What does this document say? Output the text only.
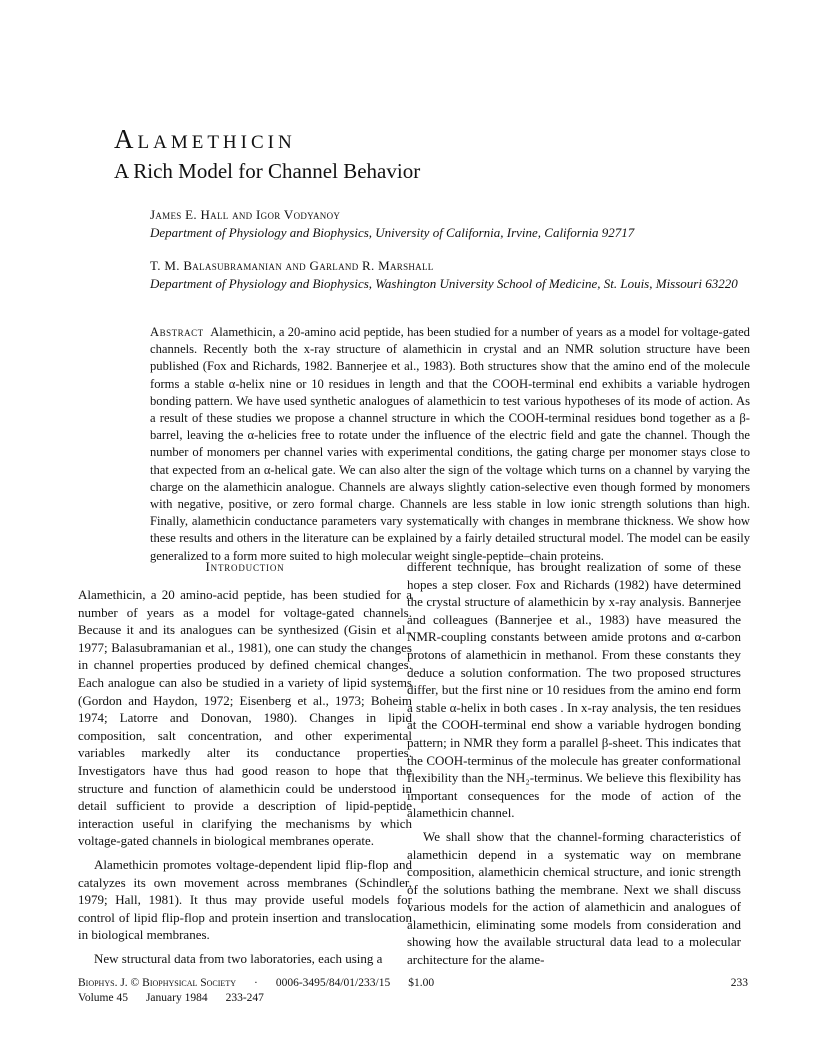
Alamethicin
A Rich Model for Channel Behavior
James E. Hall and Igor Vodyanoy
Department of Physiology and Biophysics, University of California, Irvine, California 92717
T. M. Balasubramanian and Garland R. Marshall
Department of Physiology and Biophysics, Washington University School of Medicine, St. Louis, Missouri 63220

Abstract Alamethicin, a 20-amino acid peptide, has been studied for a number of years as a model for voltage-gated channels. Recently both the x-ray structure of alamethicin in crystal and an NMR solution structure have been published (Fox and Richards, 1982. Bannerjee et al., 1983). Both structures show that the amino end of the molecule forms a stable α-helix nine or 10 residues in length and that the COOH-terminal end exhibits a variable hydrogen bonding pattern. We have used synthetic analogues of alamethicin to test various hypotheses of its mode of action. As a result of these studies we propose a channel structure in which the COOH-terminal residues bond together as a β-barrel, leaving the α-helicies free to rotate under the influence of the electric field and gate the channel. Though the number of monomers per channel varies with experimental conditions, the gating charge per monomer stays close to that expected from an α-helical gate. We can also alter the sign of the voltage which turns on a channel by varying the charge on the alamethicin analogue. Channels are always slightly cation-selective even though formed by monomers with negative, positive, or zero formal charge. Channels are less stable in low ionic strength solutions than high. Finally, alamethicin conductance parameters vary systematically with changes in membrane thickness. We show how these results and others in the literature can be explained by a fairly detailed structural model. The model can be easily generalized to a form more suited to high molecular weight single-peptide–chain proteins.

Introduction

Alamethicin, a 20 amino-acid peptide, has been studied for a number of years as a model for voltage-gated channels. Because it and its analogues can be synthesized (Gisin et al., 1977; Balasubramanian et al., 1981), one can study the changes in channel properties produced by defined chemical changes. Each analogue can also be studied in a variety of lipid systems (Gordon and Haydon, 1972; Eisenberg et al., 1973; Boheim 1974; Latorre and Donovan, 1980). Changes in lipid composition, salt concentration, and other experimental variables markedly alter its conductance properties. Investigators have thus had good reason to hope that the structure and function of alamethicin could be understood in detail sufficient to provide a description of lipid-peptide interaction useful in clarifying the mechanisms by which voltage-gated channels in biological membranes operate.

Alamethicin promotes voltage-dependent lipid flip-flop and catalyzes its own movement across membranes (Schindler, 1979; Hall, 1981). It thus may provide useful models for control of lipid flip-flop and protein insertion and translocation in biological membranes.

New structural data from two laboratories, each using a

different technique, has brought realization of some of these hopes a step closer. Fox and Richards (1982) have determined the crystal structure of alamethicin by x-ray analysis. Bannerjee and colleagues (Bannerjee et al., 1983) have measured the NMR-coupling constants between amide protons and α-carbon protons of alamethicin in methanol. From these constants they deduce a solution conformation. The two proposed structures differ, but the first nine or 10 residues from the amino end form a stable α-helix in both cases . In x-ray analysis, the ten residues at the COOH-terminal end show a variable hydrogen bonding pattern; in NMR they form a parallel β-sheet. This indicates that the COOH-terminus of the molecule has greater conformational flexibility than the NH₂-terminus. We believe this flexibility has important consequences for the mode of action of the alamethicin channel.

We shall show that the channel-forming characteristics of alamethicin depend in a systematic way on membrane composition, alamethicin chemical structure, and ionic strength of the solutions bathing the membrane. Next we shall discuss various models for the action of alamethicin and analogues of alamethicin, eliminating some models from consideration and showing how the available structural data lead to a molecular architecture for the alame-

Biophys. J. © Biophysical Society · 0006-3495/84/01/233/15 $1.00	233
Volume 45 January 1984 233-247
